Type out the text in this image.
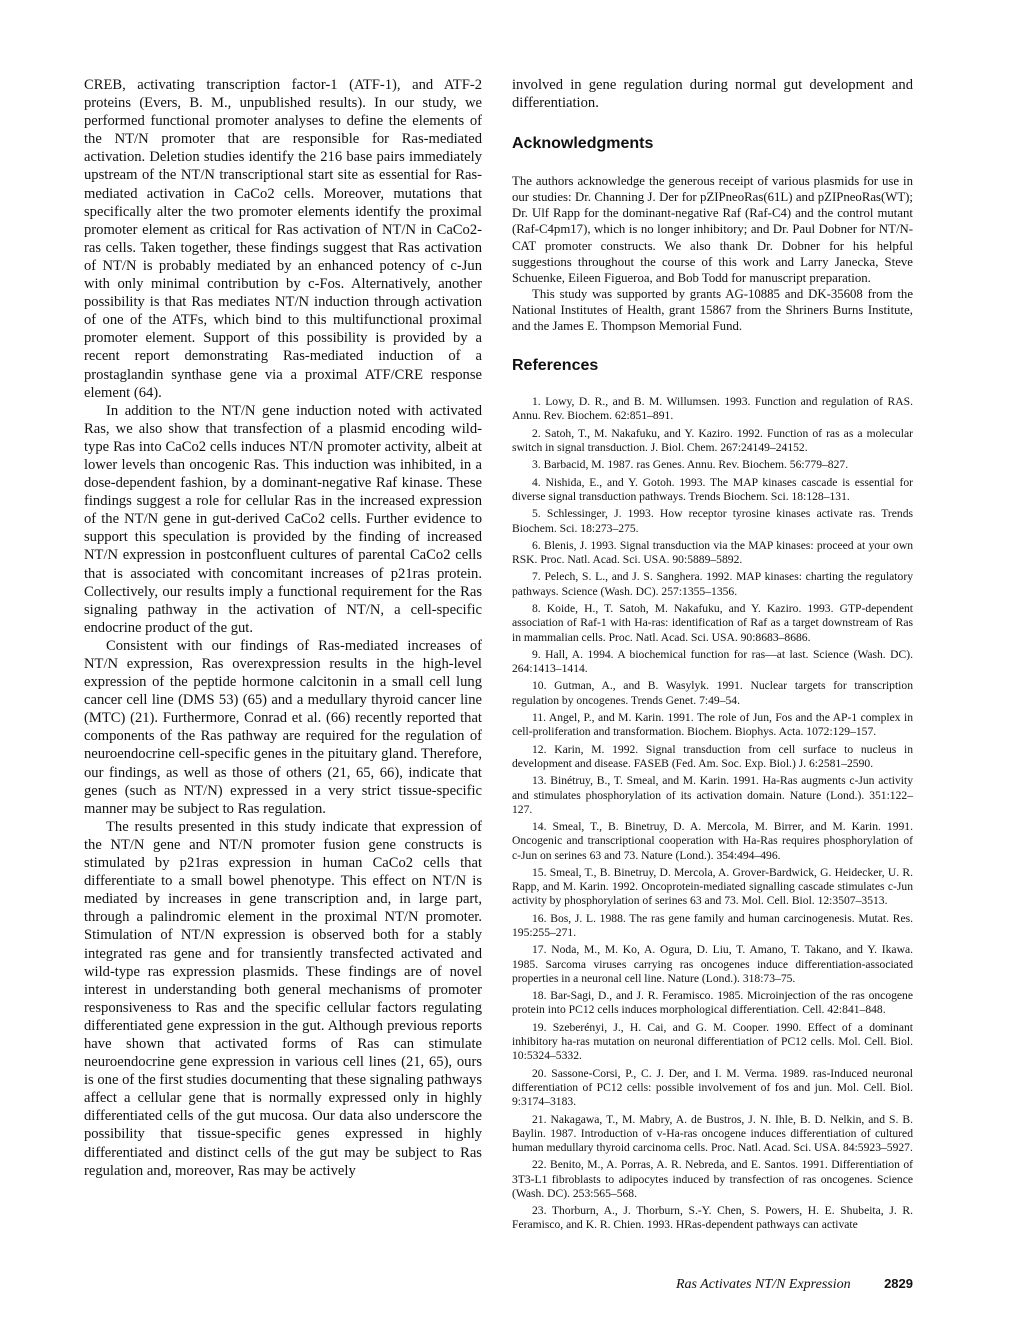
CREB, activating transcription factor-1 (ATF-1), and ATF-2 proteins (Evers, B. M., unpublished results). In our study, we performed functional promoter analyses to define the elements of the NT/N promoter that are responsible for Ras-mediated activation. Deletion studies identify the 216 base pairs immediately upstream of the NT/N transcriptional start site as essential for Ras-mediated activation in CaCo2 cells. Moreover, mutations that specifically alter the two promoter elements identify the proximal promoter element as critical for Ras activation of NT/N in CaCo2-ras cells. Taken together, these findings suggest that Ras activation of NT/N is probably mediated by an enhanced potency of c-Jun with only minimal contribution by c-Fos. Alternatively, another possibility is that Ras mediates NT/N induction through activation of one of the ATFs, which bind to this multifunctional proximal promoter element. Support of this possibility is provided by a recent report demonstrating Ras-mediated induction of a prostaglandin synthase gene via a proximal ATF/CRE response element (64).

In addition to the NT/N gene induction noted with activated Ras, we also show that transfection of a plasmid encoding wild-type Ras into CaCo2 cells induces NT/N promoter activity, albeit at lower levels than oncogenic Ras. This induction was inhibited, in a dose-dependent fashion, by a dominant-negative Raf kinase. These findings suggest a role for cellular Ras in the increased expression of the NT/N gene in gut-derived CaCo2 cells. Further evidence to support this speculation is provided by the finding of increased NT/N expression in postconfluent cultures of parental CaCo2 cells that is associated with concomitant increases of p21ras protein. Collectively, our results imply a functional requirement for the Ras signaling pathway in the activation of NT/N, a cell-specific endocrine product of the gut.

Consistent with our findings of Ras-mediated increases of NT/N expression, Ras overexpression results in the high-level expression of the peptide hormone calcitonin in a small cell lung cancer cell line (DMS 53) (65) and a medullary thyroid cancer line (MTC) (21). Furthermore, Conrad et al. (66) recently reported that components of the Ras pathway are required for the regulation of neuroendocrine cell-specific genes in the pituitary gland. Therefore, our findings, as well as those of others (21, 65, 66), indicate that genes (such as NT/N) expressed in a very strict tissue-specific manner may be subject to Ras regulation.

The results presented in this study indicate that expression of the NT/N gene and NT/N promoter fusion gene constructs is stimulated by p21ras expression in human CaCo2 cells that differentiate to a small bowel phenotype. This effect on NT/N is mediated by increases in gene transcription and, in large part, through a palindromic element in the proximal NT/N promoter. Stimulation of NT/N expression is observed both for a stably integrated ras gene and for transiently transfected activated and wild-type ras expression plasmids. These findings are of novel interest in understanding both general mechanisms of promoter responsiveness to Ras and the specific cellular factors regulating differentiated gene expression in the gut. Although previous reports have shown that activated forms of Ras can stimulate neuroendocrine gene expression in various cell lines (21, 65), ours is one of the first studies documenting that these signaling pathways affect a cellular gene that is normally expressed only in highly differentiated cells of the gut mucosa. Our data also underscore the possibility that tissue-specific genes expressed in highly differentiated and distinct cells of the gut may be subject to Ras regulation and, moreover, Ras may be actively

involved in gene regulation during normal gut development and differentiation.

Acknowledgments

The authors acknowledge the generous receipt of various plasmids for use in our studies: Dr. Channing J. Der for pZIPneoRas(61L) and pZIPneoRas(WT); Dr. Ulf Rapp for the dominant-negative Raf (Raf-C4) and the control mutant (Raf-C4pm17), which is no longer inhibitory; and Dr. Paul Dobner for NT/N-CAT promoter constructs. We also thank Dr. Dobner for his helpful suggestions throughout the course of this work and Larry Janecka, Steve Schuenke, Eileen Figueroa, and Bob Todd for manuscript preparation.

This study was supported by grants AG-10885 and DK-35608 from the National Institutes of Health, grant 15867 from the Shriners Burns Institute, and the James E. Thompson Memorial Fund.

References
1. Lowy, D. R., and B. M. Willumsen. 1993. Function and regulation of RAS. Annu. Rev. Biochem. 62:851–891.
2. Satoh, T., M. Nakafuku, and Y. Kaziro. 1992. Function of ras as a molecular switch in signal transduction. J. Biol. Chem. 267:24149–24152.
3. Barbacid, M. 1987. ras Genes. Annu. Rev. Biochem. 56:779–827.
4. Nishida, E., and Y. Gotoh. 1993. The MAP kinases cascade is essential for diverse signal transduction pathways. Trends Biochem. Sci. 18:128–131.
5. Schlessinger, J. 1993. How receptor tyrosine kinases activate ras. Trends Biochem. Sci. 18:273–275.
6. Blenis, J. 1993. Signal transduction via the MAP kinases: proceed at your own RSK. Proc. Natl. Acad. Sci. USA. 90:5889–5892.
7. Pelech, S. L., and J. S. Sanghera. 1992. MAP kinases: charting the regulatory pathways. Science (Wash. DC). 257:1355–1356.
8. Koide, H., T. Satoh, M. Nakafuku, and Y. Kaziro. 1993. GTP-dependent association of Raf-1 with Ha-ras: identification of Raf as a target downstream of Ras in mammalian cells. Proc. Natl. Acad. Sci. USA. 90:8683–8686.
9. Hall, A. 1994. A biochemical function for ras—at last. Science (Wash. DC). 264:1413–1414.
10. Gutman, A., and B. Wasylyk. 1991. Nuclear targets for transcription regulation by oncogenes. Trends Genet. 7:49–54.
11. Angel, P., and M. Karin. 1991. The role of Jun, Fos and the AP-1 complex in cell-proliferation and transformation. Biochem. Biophys. Acta. 1072:129–157.
12. Karin, M. 1992. Signal transduction from cell surface to nucleus in development and disease. FASEB (Fed. Am. Soc. Exp. Biol.) J. 6:2581–2590.
13. Binétruy, B., T. Smeal, and M. Karin. 1991. Ha-Ras augments c-Jun activity and stimulates phosphorylation of its activation domain. Nature (Lond.). 351:122–127.
14. Smeal, T., B. Binetruy, D. A. Mercola, M. Birrer, and M. Karin. 1991. Oncogenic and transcriptional cooperation with Ha-Ras requires phosphorylation of c-Jun on serines 63 and 73. Nature (Lond.). 354:494–496.
15. Smeal, T., B. Binetruy, D. Mercola, A. Grover-Bardwick, G. Heidecker, U. R. Rapp, and M. Karin. 1992. Oncoprotein-mediated signalling cascade stimulates c-Jun activity by phosphorylation of serines 63 and 73. Mol. Cell. Biol. 12:3507–3513.
16. Bos, J. L. 1988. The ras gene family and human carcinogenesis. Mutat. Res. 195:255–271.
17. Noda, M., M. Ko, A. Ogura, D. Liu, T. Amano, T. Takano, and Y. Ikawa. 1985. Sarcoma viruses carrying ras oncogenes induce differentiation-associated properties in a neuronal cell line. Nature (Lond.). 318:73–75.
18. Bar-Sagi, D., and J. R. Feramisco. 1985. Microinjection of the ras oncogene protein into PC12 cells induces morphological differentiation. Cell. 42:841–848.
19. Szeberényi, J., H. Cai, and G. M. Cooper. 1990. Effect of a dominant inhibitory ha-ras mutation on neuronal differentiation of PC12 cells. Mol. Cell. Biol. 10:5324–5332.
20. Sassone-Corsi, P., C. J. Der, and I. M. Verma. 1989. ras-Induced neuronal differentiation of PC12 cells: possible involvement of fos and jun. Mol. Cell. Biol. 9:3174–3183.
21. Nakagawa, T., M. Mabry, A. de Bustros, J. N. Ihle, B. D. Nelkin, and S. B. Baylin. 1987. Introduction of v-Ha-ras oncogene induces differentiation of cultured human medullary thyroid carcinoma cells. Proc. Natl. Acad. Sci. USA. 84:5923–5927.
22. Benito, M., A. Porras, A. R. Nebreda, and E. Santos. 1991. Differentiation of 3T3-L1 fibroblasts to adipocytes induced by transfection of ras oncogenes. Science (Wash. DC). 253:565–568.
23. Thorburn, A., J. Thorburn, S.-Y. Chen, S. Powers, H. E. Shubeita, J. R. Feramisco, and K. R. Chien. 1993. HRas-dependent pathways can activate
Ras Activates NT/N Expression	2829
